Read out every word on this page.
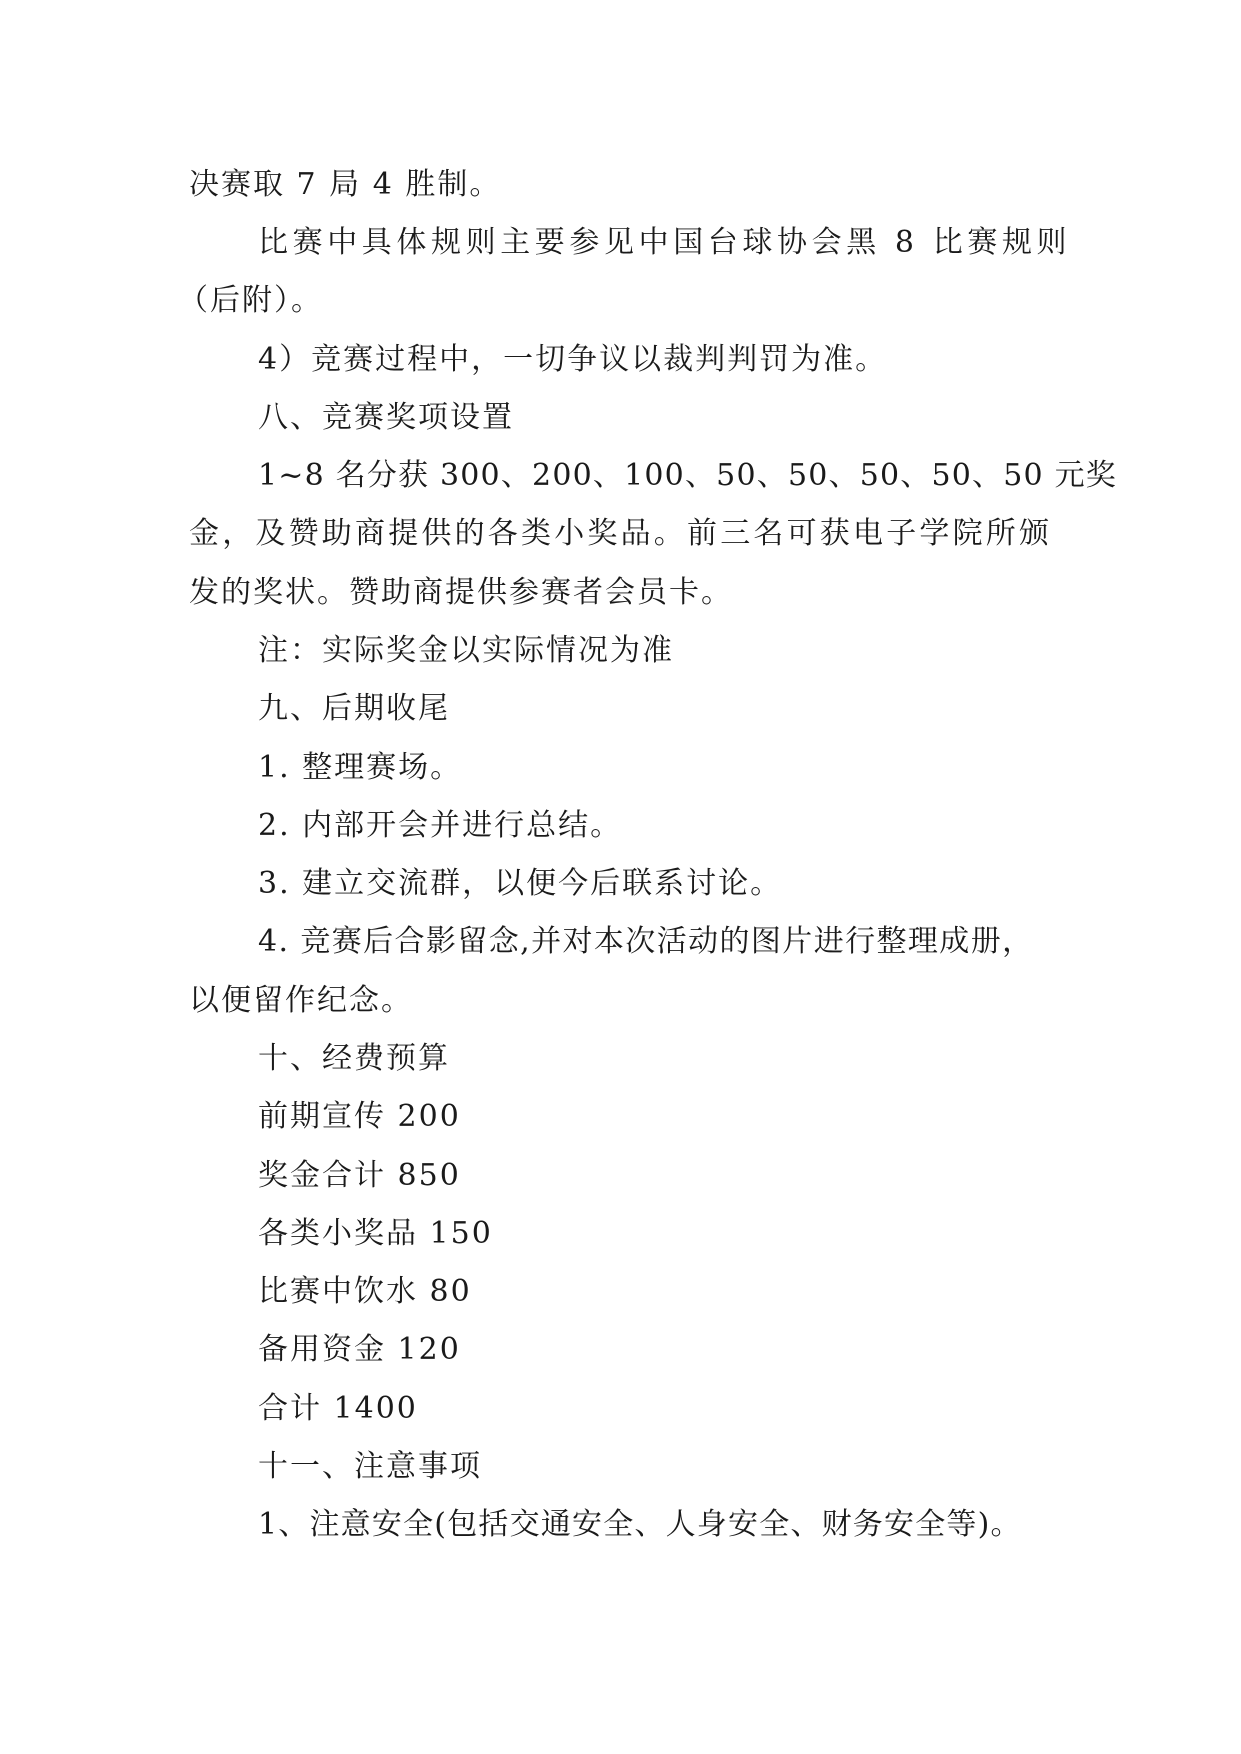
决赛取 7 局 4 胜制。
比赛中具体规则主要参见中国台球协会黑 8 比赛规则
（后附）。
4）竞赛过程中，一切争议以裁判判罚为准。
八、竞赛奖项设置
1~8 名分获 300、200、100、50、50、50、50、50 元奖
金，及赞助商提供的各类小奖品。前三名可获电子学院所颁
发的奖状。赞助商提供参赛者会员卡。
注：实际奖金以实际情况为准
九、后期收尾
1. 整理赛场。
2. 内部开会并进行总结。
3. 建立交流群，以便今后联系讨论。
4. 竞赛后合影留念,并对本次活动的图片进行整理成册，
以便留作纪念。
十、经费预算
前期宣传 200
奖金合计 850
各类小奖品 150
比赛中饮水 80
备用资金 120
合计 1400
十一、注意事项
1、注意安全(包括交通安全、人身安全、财务安全等)。
